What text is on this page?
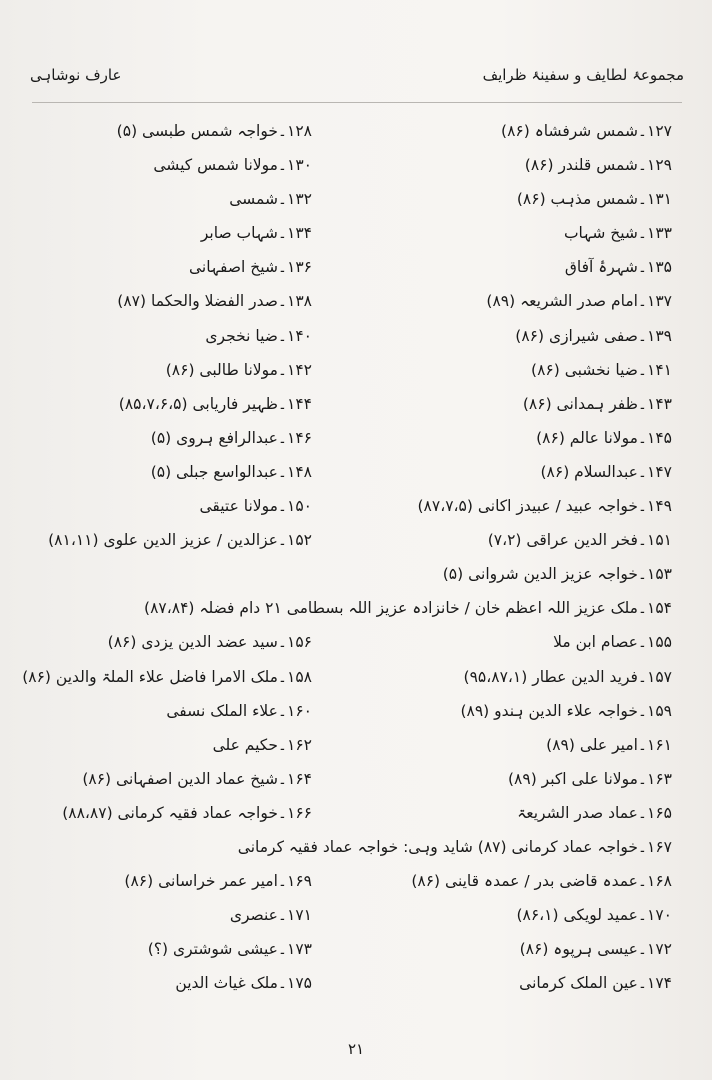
مجموعۂ لطایف و سفینۂ ظرایف
عارف نوشاہی
۱۲۷۔شمس شرفشاہ (۸۶)
۱۲۸۔خواجہ شمس طبسی (۵)
۱۲۹۔شمس قلندر (۸۶)
۱۳۰۔مولانا شمس کیشی
۱۳۱۔شمس مذہب (۸۶)
۱۳۲۔شمسی
۱۳۳۔شیخ شہاب
۱۳۴۔شہاب صابر
۱۳۵۔شہرۂ آفاق
۱۳۶۔شیخ اصفہانی
۱۳۷۔امام صدر الشریعہ (۸۹)
۱۳۸۔صدر الفضلا والحکما (۸۷)
۱۳۹۔صفی شیرازی (۸۶)
۱۴۰۔ضیا نخجری
۱۴۱۔ضیا نخشبی (۸۶)
۱۴۲۔مولانا طالبی (۸۶)
۱۴۳۔ظفر ہمدانی (۸۶)
۱۴۴۔ظہیر فاریابی (۸۵،۷،۶،۵)
۱۴۵۔مولانا عالم (۸۶)
۱۴۶۔عبدالرافع ہروی (۵)
۱۴۷۔عبدالسلام (۸۶)
۱۴۸۔عبدالواسع جبلی (۵)
۱۴۹۔خواجہ عبید / عبیدز اکانی (۸۷،۷،۵)
۱۵۰۔مولانا عتیقی
۱۵۱۔فخر الدین عراقی (۷،۲)
۱۵۲۔عزالدین / عزیز الدین علوی (۸۱،۱۱)
۱۵۳۔خواجہ عزیز الدین شروانی (۵)
۱۵۴۔ملک عزیز اللہ اعظم خان / خانزادہ عزیز اللہ بسطامی ۲۱ دام فضلہ (۸۷،۸۴)
۱۵۵۔عصام ابن ملا
۱۵۶۔سید عضد الدین یزدی (۸۶)
۱۵۷۔فرید الدین عطار (۹۵،۸۷،۱)
۱۵۸۔ملک الامرا فاضل علاء الملۃ والدین (۸۶)
۱۵۹۔خواجہ علاء الدین ہندو (۸۹)
۱۶۰۔علاء الملک نسفی
۱۶۱۔امیر علی (۸۹)
۱۶۲۔حکیم علی
۱۶۳۔مولانا علی اکبر (۸۹)
۱۶۴۔شیخ عماد الدین اصفہانی (۸۶)
۱۶۵۔عماد صدر الشریعۃ
۱۶۶۔خواجہ عماد فقیہ کرمانی (۸۸،۸۷)
۱۶۷۔خواجہ عماد کرمانی (۸۷) شاید وہی: خواجہ عماد فقیہ کرمانی
۱۶۸۔عمدہ قاضی بدر / عمدہ قاینی (۸۶)
۱۶۹۔امیر عمر خراسانی (۸۶)
۱۷۰۔عمید لویکی (۸۶،۱)
۱۷۱۔عنصری
۱۷۲۔عیسی ہرپوہ (۸۶)
۱۷۳۔عیشی شوشتری (؟)
۱۷۴۔عین الملک کرمانی
۱۷۵۔ملک غیاث الدین
۲۱
